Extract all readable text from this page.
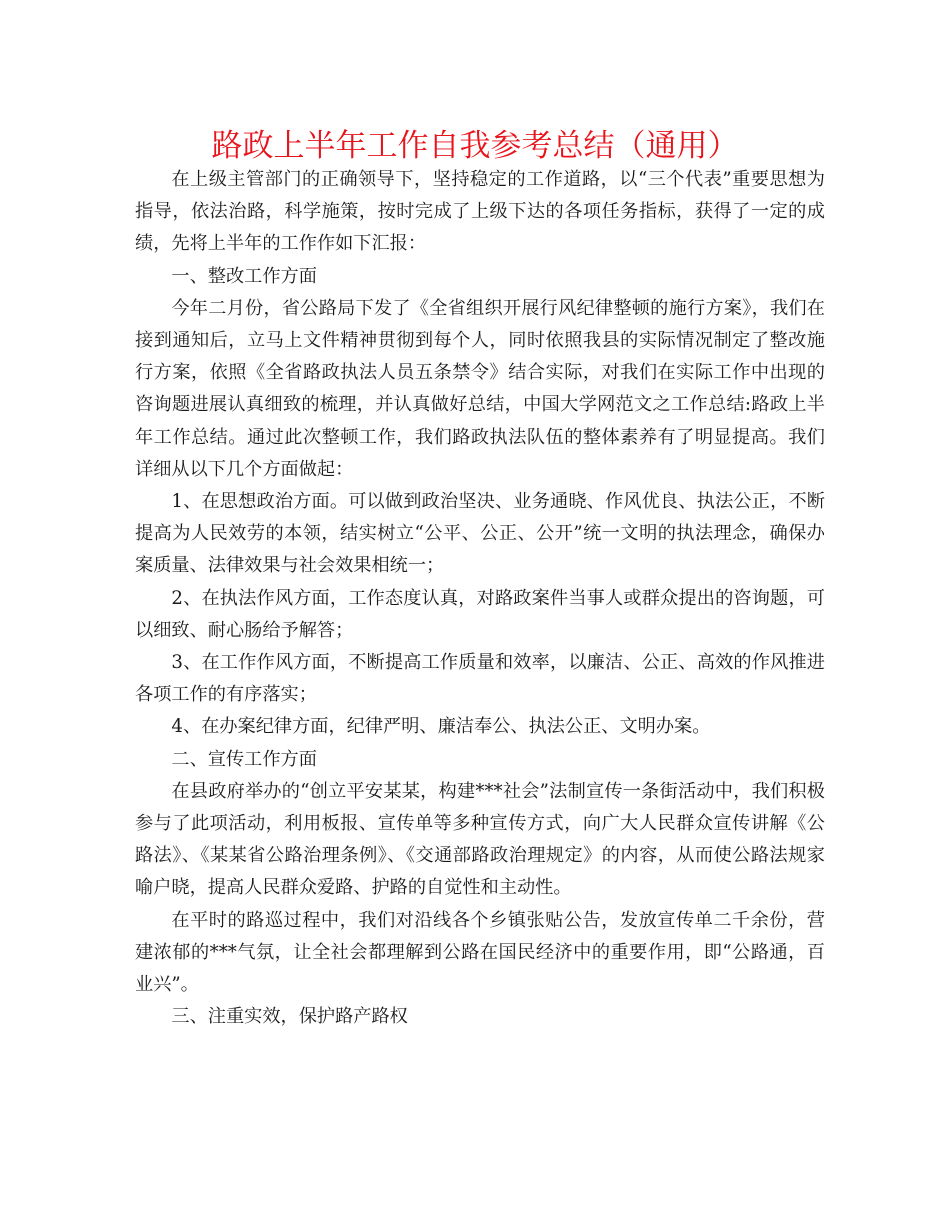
路政上半年工作自我参考总结（通用）

在上级主管部门的正确领导下，坚持稳定的工作道路，以“三个代表”重要思想为指导，依法治路，科学施策，按时完成了上级下达的各项任务指标，获得了一定的成绩，先将上半年的工作作如下汇报：

一、整改工作方面

今年二月份，省公路局下发了《全省组织开展行风纪律整顿的施行方案》，我们在接到通知后，立马上文件精神贯彻到每个人，同时依照我县的实际情况制定了整改施行方案，依照《全省路政执法人员五条禁令》结合实际，对我们在实际工作中出现的咨询题进展认真细致的梳理，并认真做好总结，中国大学网范文之工作总结:路政上半年工作总结。通过此次整顿工作，我们路政执法队伍的整体素养有了明显提高。我们详细从以下几个方面做起：

1、在思想政治方面。可以做到政治坚决、业务通晓、作风优良、执法公正，不断提高为人民效劳的本领，结实树立“公平、公正、公开”统一文明的执法理念，确保办案质量、法律效果与社会效果相统一；

2、在执法作风方面，工作态度认真，对路政案件当事人或群众提出的咨询题，可以细致、耐心肠给予解答；

3、在工作作风方面，不断提高工作质量和效率，以廉洁、公正、高效的作风推进各项工作的有序落实；

4、在办案纪律方面，纪律严明、廉洁奉公、执法公正、文明办案。

二、宣传工作方面

在县政府举办的“创立平安某某，构建***社会”法制宣传一条街活动中，我们积极参与了此项活动，利用板报、宣传单等多种宣传方式，向广大人民群众宣传讲解《公路法》、《某某省公路治理条例》、《交通部路政治理规定》的内容，从而使公路法规家喻户晓，提高人民群众爱路、护路的自觉性和主动性。

在平时的路巡过程中，我们对沿线各个乡镇张贴公告，发放宣传单二千余份，营建浓郁的***气氛，让全社会都理解到公路在国民经济中的重要作用，即“公路通，百业兴”。

三、注重实效，保护路产路权
